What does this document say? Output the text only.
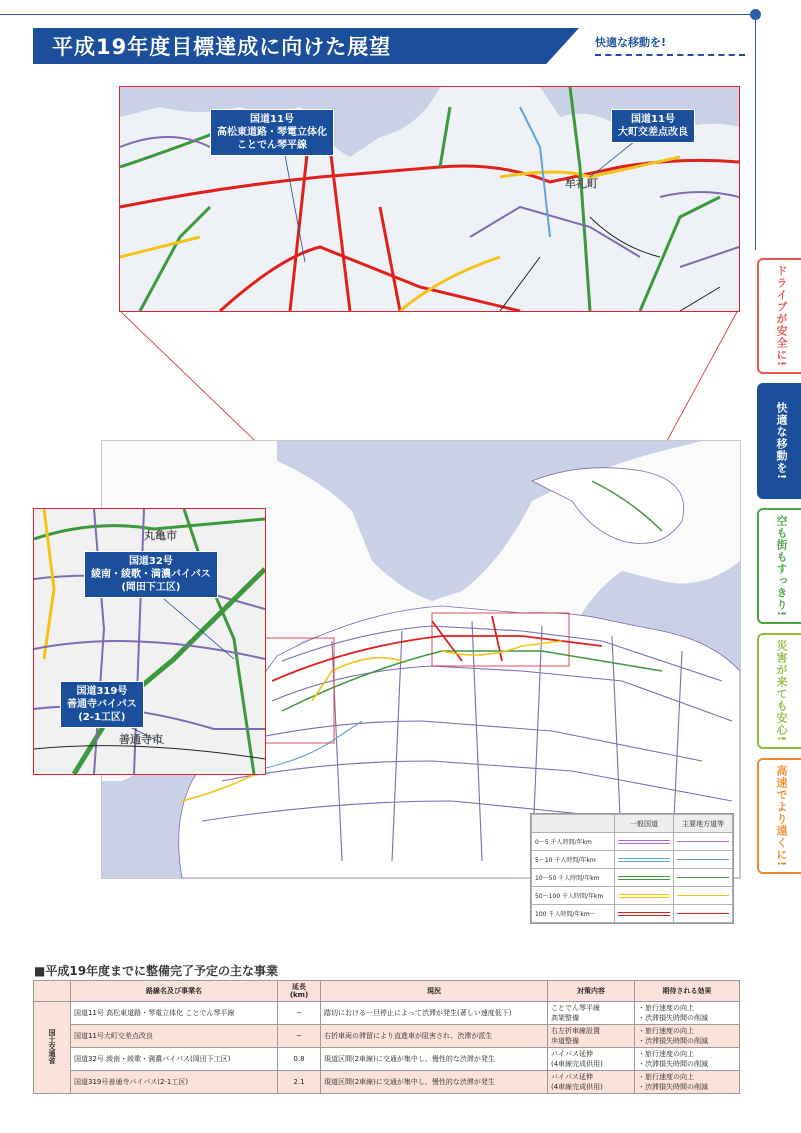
平成19年度目標達成に向けた展望	快適な移動を!
ドライブが安全に!
快適な移動を!
空も街もすっきり!
災害が来ても安心!
高速でより遠くに!
国道11号
高松東道路・琴電立体化
ことでん琴平線
国道11号
大町交差点改良
牟礼町
丸亀市
善通寺市
国道32号
綾南・綾歌・満濃バイパス
(岡田下工区)
国道319号
善通寺バイパス
(2-1工区)
	一般国道	主要地方道等
0〜5 千人時間/年km	

5〜10 千人時間/年km	

10〜50 千人時間/年km	

50〜100 千人時間/年km	

100 千人時間/年km〜	

■平成19年度までに整備完了予定の主な事業
	路線名及び事業名	延長
(km)	現況	対策内容	期待される効果
国土交通省	国道11号 高松東道路・琴電立体化 ことでん琴平線	−	踏切における一旦停止によって渋滞が発生(著しい速度低下)	ことでん琴平線
高架整備	・旅行速度の向上
・渋滞損失時間の削減
	国道11号大町交差点改良	−	右折車両の滞留により直進車が阻害され、渋滞が派生	右左折車線設置
歩道整備	・旅行速度の向上
・渋滞損失時間の削減
	国道32号 綾南・綾歌・満濃バイパス(岡田下工区)	0.8	現道区間(2車線)に交通が集中し、慢性的な渋滞が発生	バイパス延伸
(4車線完成供用)	・旅行速度の向上
・渋滞損失時間の削減
	国道319号善通寺バイパス(2-1工区)	2.1	現道区間(2車線)に交通が集中し、慢性的な渋滞が発生	バイパス延伸
(4車線完成供用)	・旅行速度の向上
・渋滞損失時間の削減
